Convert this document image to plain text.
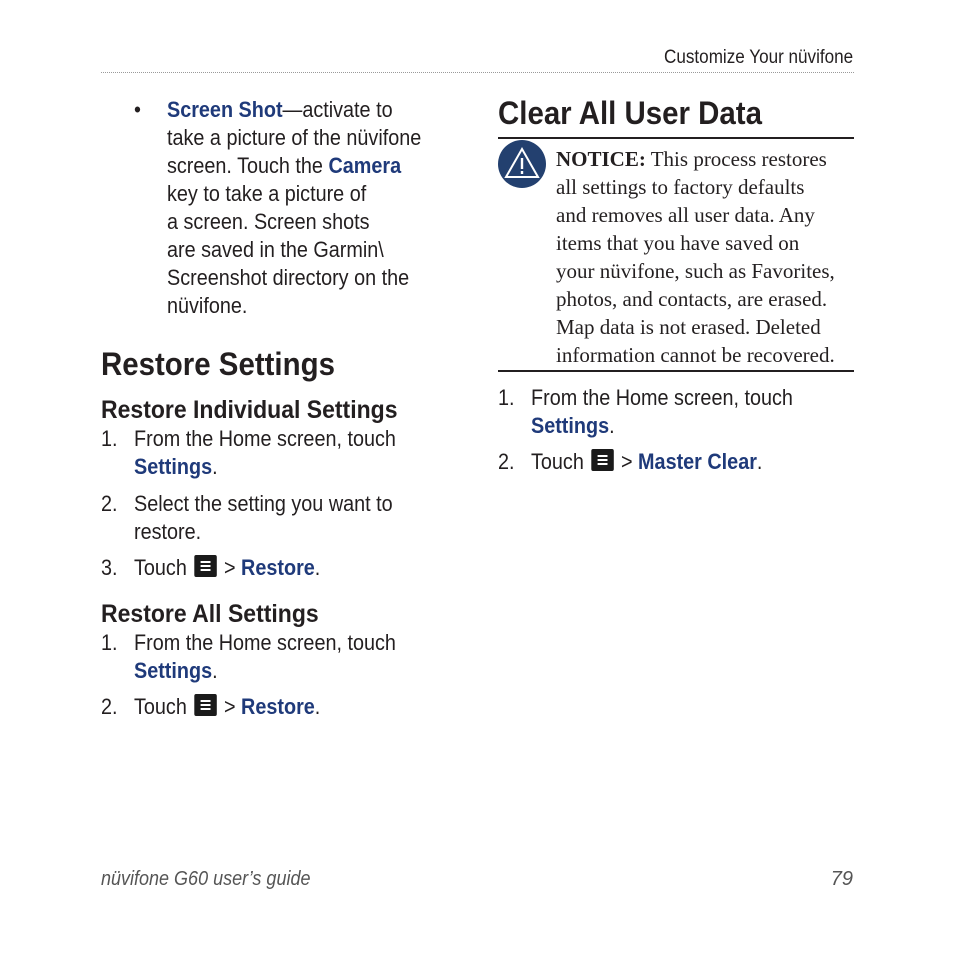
Customize Your nüvifone
• Screen Shot—activate to
take a picture of the nüvifone
screen. Touch the Camera
key to take a picture of
a screen. Screen shots
are saved in the Garmin\
Screenshot directory on the
nüvifone.
Restore Settings
Restore Individual Settings
1. From the Home screen, touch
Settings.
2. Select the setting you want to
restore.
3. Touch > Restore.
Restore All Settings
1. From the Home screen, touch
Settings.
2. Touch > Restore.
Clear All User Data
NOTICE: This process restores
all settings to factory defaults
and removes all user data. Any
items that you have saved on
your nüvifone, such as Favorites,
photos, and contacts, are erased.
Map data is not erased. Deleted
information cannot be recovered.
1. From the Home screen, touch
Settings.
2. Touch > Master Clear.
nüvifone G60 user’s guide	79
